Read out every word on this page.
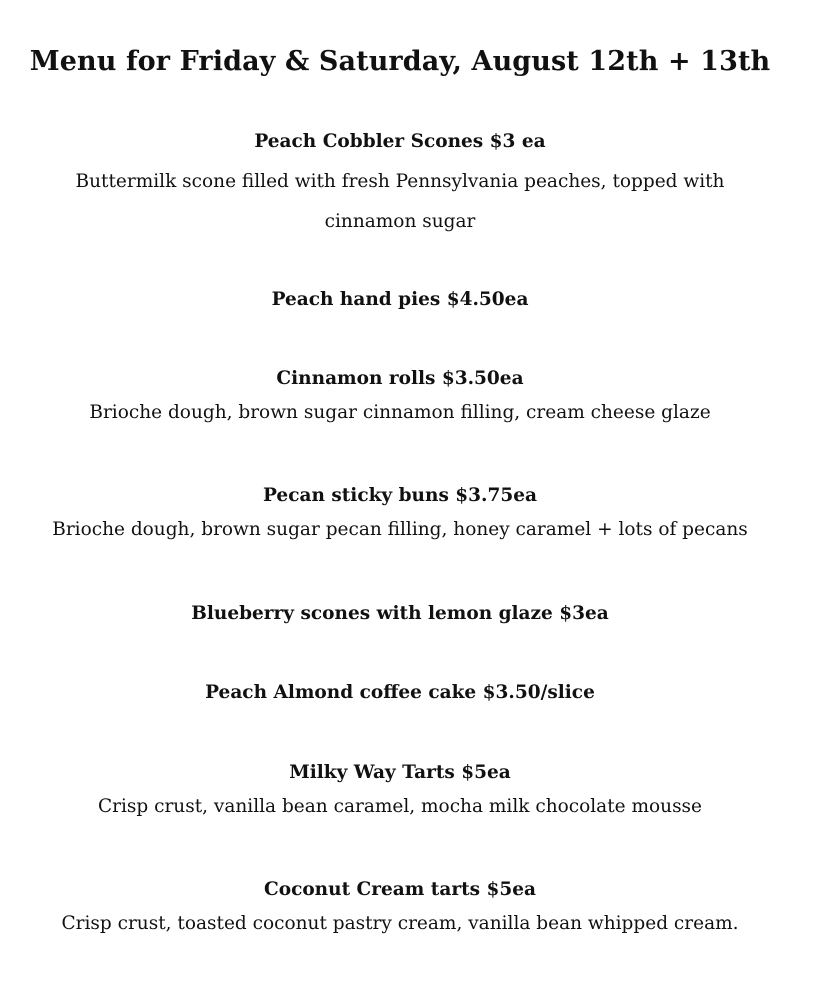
Menu for Friday & Saturday, August 12th + 13th

Peach Cobbler Scones $3 ea

Buttermilk scone filled with fresh Pennsylvania peaches, topped with cinnamon sugar

Peach hand pies $4.50ea

Cinnamon rolls $3.50ea

Brioche dough, brown sugar cinnamon filling, cream cheese glaze

Pecan sticky buns $3.75ea

Brioche dough, brown sugar pecan filling, honey caramel + lots of pecans

Blueberry scones with lemon glaze $3ea

Peach Almond coffee cake $3.50/slice

Milky Way Tarts $5ea

Crisp crust, vanilla bean caramel, mocha milk chocolate mousse

Coconut Cream tarts $5ea

Crisp crust, toasted coconut pastry cream, vanilla bean whipped cream.
